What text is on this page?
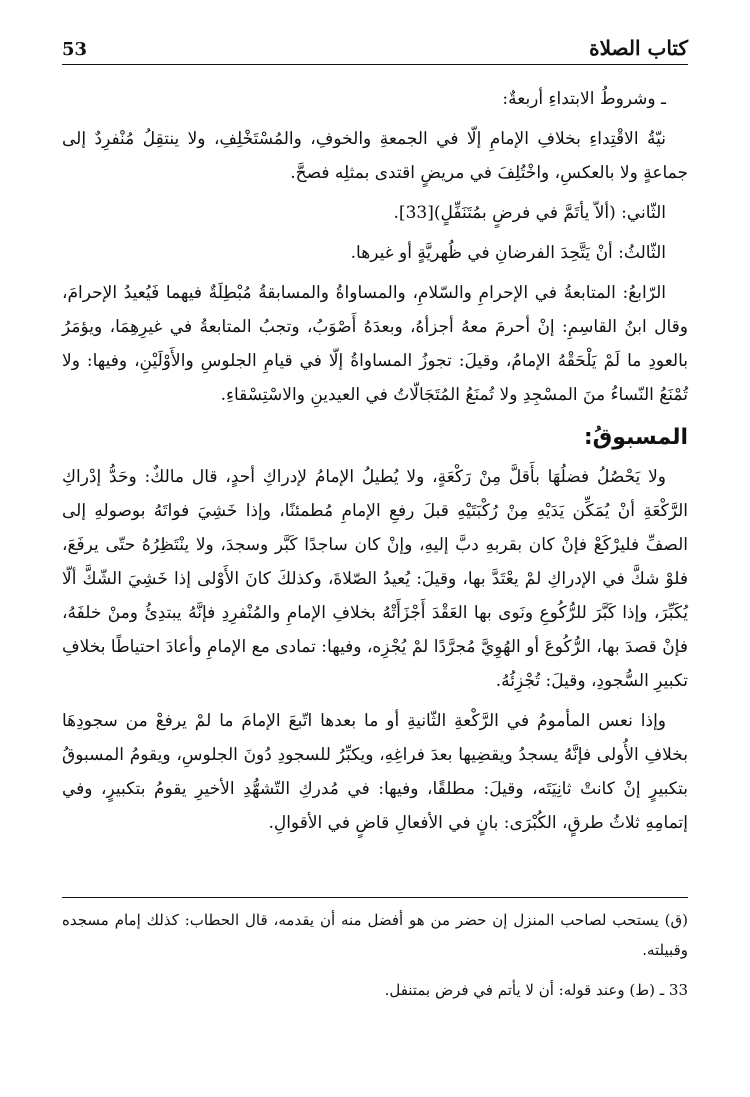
53	كتاب الصلاة

ـ وشروطُ الابتداءِ أربعةٌ:

نيّةُ الاقْتِداءِ بخلافِ الإمامِ إلّا في الجمعةِ والخوفِ، والمُسْتَخْلِفِ، ولا ينتقِلُ مُنْفرِدٌ إلى جماعةٍ ولا بالعكسِ، واخْتُلِفَ في مريضٍ اقتدى بمثلِه فصحَّ.

الثّاني: (ألاّ يأتَمَّ في فرضٍ بمُتَنَفِّلٍ)[33].

الثّالثُ: أنْ يَتَّحِدَ الفرضانِ في ظُهريَّةٍ أو غيرها.

الرّابعُ: المتابعةُ في الإحرامِ والسّلامِ، والمساواةُ والمسابقةُ مُبْطِلَةٌ فيهما فَيُعيدُ الإحرامَ، وقال ابنُ القاسِمِ: إنْ أحرمَ معهُ أجزأهُ، وبعدَهُ أَصْوَبُ، وتجبُ المتابعةُ في غيرِهِمَا، ويؤمَرُ بالعودِ ما لَمْ يَلْحَقْهُ الإمامُ، وقيلَ: تجوزُ المساواةُ إلّا في قيامِ الجلوسِ والأَوْلَيْنِ، وفيها: ولا تُمْنَعُ النّساءُ منَ المسْجِدِ ولا تُمنَعُ المُتَجَالّاتُ في العيدينِ والاسْتِسْقاءِ.

المسبوقُ:

ولا يَحْصُلُ فضلُهَا بأَقلَّ مِنْ رَكْعَةٍ، ولا يُطيلُ الإمامُ لإدراكِ أحدٍ، قال مالكٌ: وحَدُّ إدْراكِ الرَّكْعَةِ أنْ يُمَكِّن يَدَيْهِ مِنْ رُكْبَتَيْهِ قبلَ رفعِ الإمامِ مُطمئنًا، وإذا خَشِيَ فواتَهُ بوصولهِ إلى الصفِّ فليرْكَعْ فإنْ كان بقربهِ دبَّ إليهِ، وإنْ كان ساجدًا كَبَّر وسجدَ، ولا ينْتَظِرُهُ حتّى يرفَعَ، فلوْ شكَّ في الإدراكِ لمْ يعْتَدَّ بها، وقيلَ: يُعيدُ الصّلاةَ، وكذلكَ كانَ الأَوْلى إذا خَشِيَ الشّكَّ ألّا يُكَبِّرَ، وإذا كَبَّرَ للرُّكُوعِ ونَوى بها العَقْدَ أَجْزَأَتْهُ بخلافِ الإمامِ والمُنْفرِدِ فإنَّهُ يبتدِئُ ومنْ خلفَهُ، فإنْ قصدَ بها، الرُّكُوعَ أو الهُوِيَّ مُجرَّدًا لمْ يُجْزِه، وفيها: تمادى مع الإمامِ وأعادَ احتياطًا بخلافِ تكبيرِ السُّجودِ، وقيلَ: تُجْزِئُهُ.

وإذا نعس المأمومُ في الرَّكْعةِ الثّانيةِ أو ما بعدها اتّبعَ الإمامَ ما لمْ يرفعْ من سجودِهَا بخلافِ الأُولى فإنَّهُ يسجدُ ويقضِيها بعدَ فراغِهِ، ويكبِّرُ للسجودِ دُونَ الجلوسِ، ويقومُ المسبوقُ بتكبيرٍ إنْ كانتْ ثانِيَتَه، وقيلَ: مطلقًا، وفيها: في مُدركِ التّشهُّدِ الأخيرِ يقومُ بتكبيرٍ، وفي إتمامِهِ ثلاثُ طرقٍ، الكُبْرَى: بانٍ في الأفعالِ قاضٍ في الأقوالِ.

(ق) يستحب لصاحب المنزل إن حضر من هو أفضل منه أن يقدمه، قال الحطاب: كذلك إمام مسجده وقبيلته.

33 ـ (ط) وعند قوله: أن لا يأتم في فرض بمتنفل.
